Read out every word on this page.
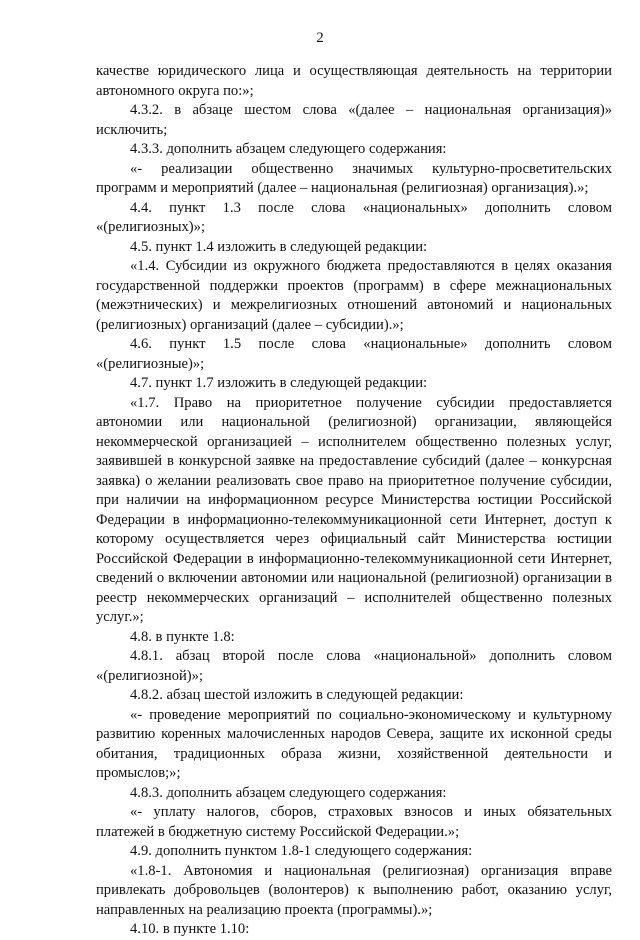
2

качестве юридического лица и осуществляющая деятельность на территории автономного округа по:»;

4.3.2. в абзаце шестом слова «(далее – национальная организация)» исключить;

4.3.3. дополнить абзацем следующего содержания:

«- реализации общественно значимых культурно-просветительских программ и мероприятий (далее – национальная (религиозная) организация).»;

4.4. пункт 1.3 после слова «национальных» дополнить словом «(религиозных)»;

4.5. пункт 1.4 изложить в следующей редакции:

«1.4. Субсидии из окружного бюджета предоставляются в целях оказания государственной поддержки проектов (программ) в сфере межнациональных (межэтнических) и межрелигиозных отношений автономий и национальных (религиозных) организаций (далее – субсидии).»;

4.6. пункт 1.5 после слова «национальные» дополнить словом «(религиозные)»;

4.7. пункт 1.7 изложить в следующей редакции:

«1.7. Право на приоритетное получение субсидии предоставляется автономии или национальной (религиозной) организации, являющейся некоммерческой организацией – исполнителем общественно полезных услуг, заявившей в конкурсной заявке на предоставление субсидий (далее – конкурсная заявка) о желании реализовать свое право на приоритетное получение субсидии, при наличии на информационном ресурсе Министерства юстиции Российской Федерации в информационно-телекоммуникационной сети Интернет, доступ к которому осуществляется через официальный сайт Министерства юстиции Российской Федерации в информационно-телекоммуникационной сети Интернет, сведений о включении автономии или национальной (религиозной) организации в реестр некоммерческих организаций – исполнителей общественно полезных услуг.»;

4.8. в пункте 1.8:

4.8.1. абзац второй после слова «национальной» дополнить словом «(религиозной)»;

4.8.2. абзац шестой изложить в следующей редакции:

«- проведение мероприятий по социально-экономическому и культурному развитию коренных малочисленных народов Севера, защите их исконной среды обитания, традиционных образа жизни, хозяйственной деятельности и промыслов;»;

4.8.3. дополнить абзацем следующего содержания:

«- уплату налогов, сборов, страховых взносов и иных обязательных платежей в бюджетную систему Российской Федерации.»;

4.9. дополнить пунктом 1.8-1 следующего содержания:

«1.8-1. Автономия и национальная (религиозная) организация вправе привлекать добровольцев (волонтеров) к выполнению работ, оказанию услуг, направленных на реализацию проекта (программы).»;

4.10. в пункте 1.10:
